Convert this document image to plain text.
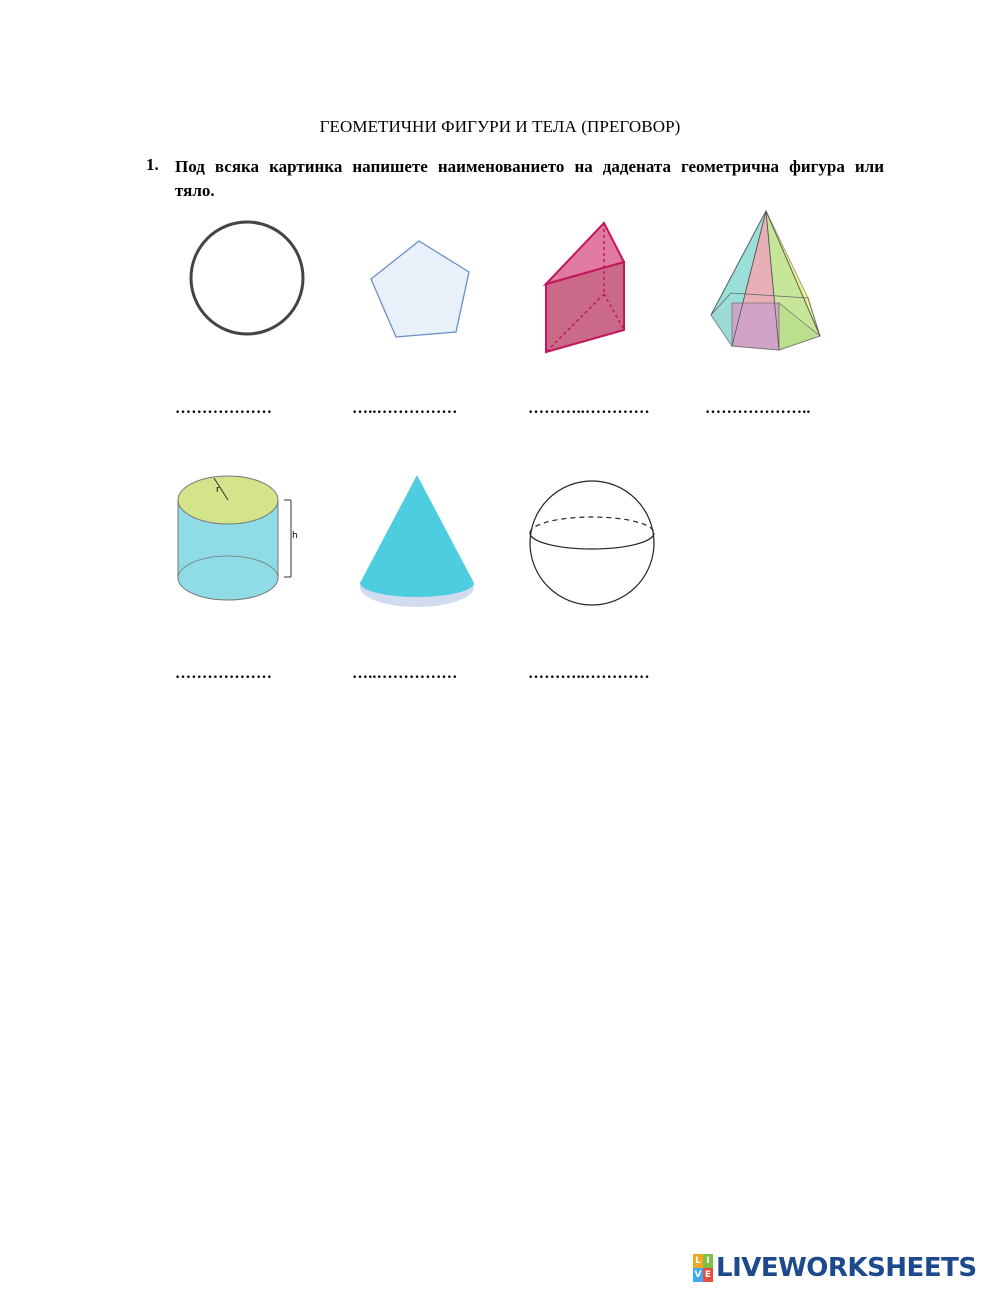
ГЕОМЕТИЧНИ ФИГУРИ И ТЕЛА (ПРЕГОВОР)
1. Под всяка картинка напишете наименованието на дадената геометрична фигура или тяло.
………………	…..……………	………..…………	………………..
r
h
………………	…..……………	………..…………
L I
V E LIVEWORKSHEETS
